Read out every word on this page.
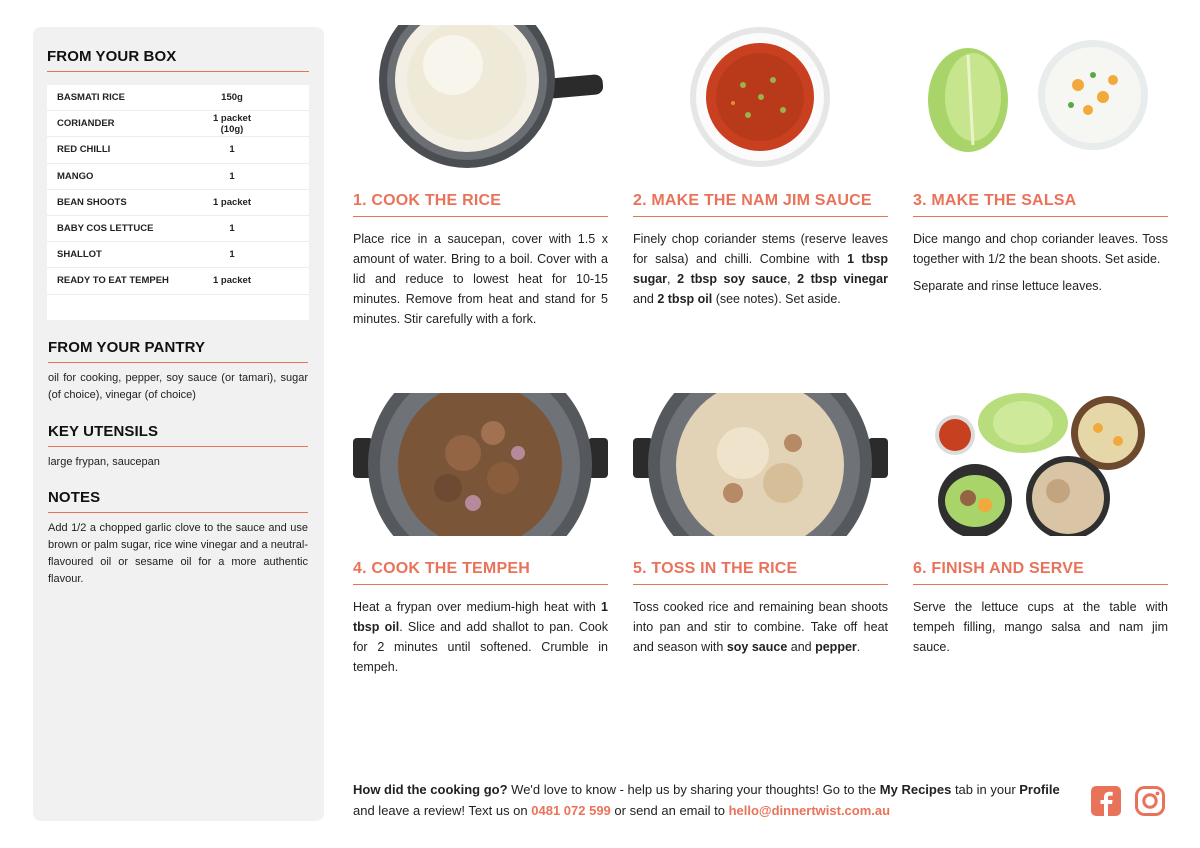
FROM YOUR BOX
BASMATI RICE	150g
CORIANDER	1 packet (10g)
RED CHILLI	1
MANGO	1
BEAN SHOOTS	1 packet
BABY COS LETTUCE	1
SHALLOT	1
READY TO EAT TEMPEH	1 packet
FROM YOUR PANTRY
oil for cooking, pepper, soy sauce (or tamari), sugar (of choice), vinegar (of choice)
KEY UTENSILS
large frypan, saucepan
NOTES
Add 1/2 a chopped garlic clove to the sauce and use brown or palm sugar, rice wine vinegar and a neutral-flavoured oil or sesame oil for a more authentic flavour.
1. COOK THE RICE
Place rice in a saucepan, cover with 1.5 x amount of water. Bring to a boil. Cover with a lid and reduce to lowest heat for 10-15 minutes. Remove from heat and stand for 5 minutes. Stir carefully with a fork.
2. MAKE THE NAM JIM SAUCE
Finely chop coriander stems (reserve leaves for salsa) and chilli. Combine with 1 tbsp sugar, 2 tbsp soy sauce, 2 tbsp vinegar and 2 tbsp oil (see notes). Set aside.
3. MAKE THE SALSA

Dice mango and chop coriander leaves. Toss together with 1/2 the bean shoots. Set aside.

Separate and rinse lettuce leaves.

4. COOK THE TEMPEH
Heat a frypan over medium-high heat with 1 tbsp oil. Slice and add shallot to pan. Cook for 2 minutes until softened. Crumble in tempeh.
5. TOSS IN THE RICE
Toss cooked rice and remaining bean shoots into pan and stir to combine. Take off heat and season with soy sauce and pepper.
6. FINISH AND SERVE
Serve the lettuce cups at the table with tempeh filling, mango salsa and nam jim sauce.
How did the cooking go? We'd love to know - help us by sharing your thoughts! Go to the My Recipes tab in your Profile and leave a review! Text us on 0481 072 599 or send an email to hello@dinnertwist.com.au
